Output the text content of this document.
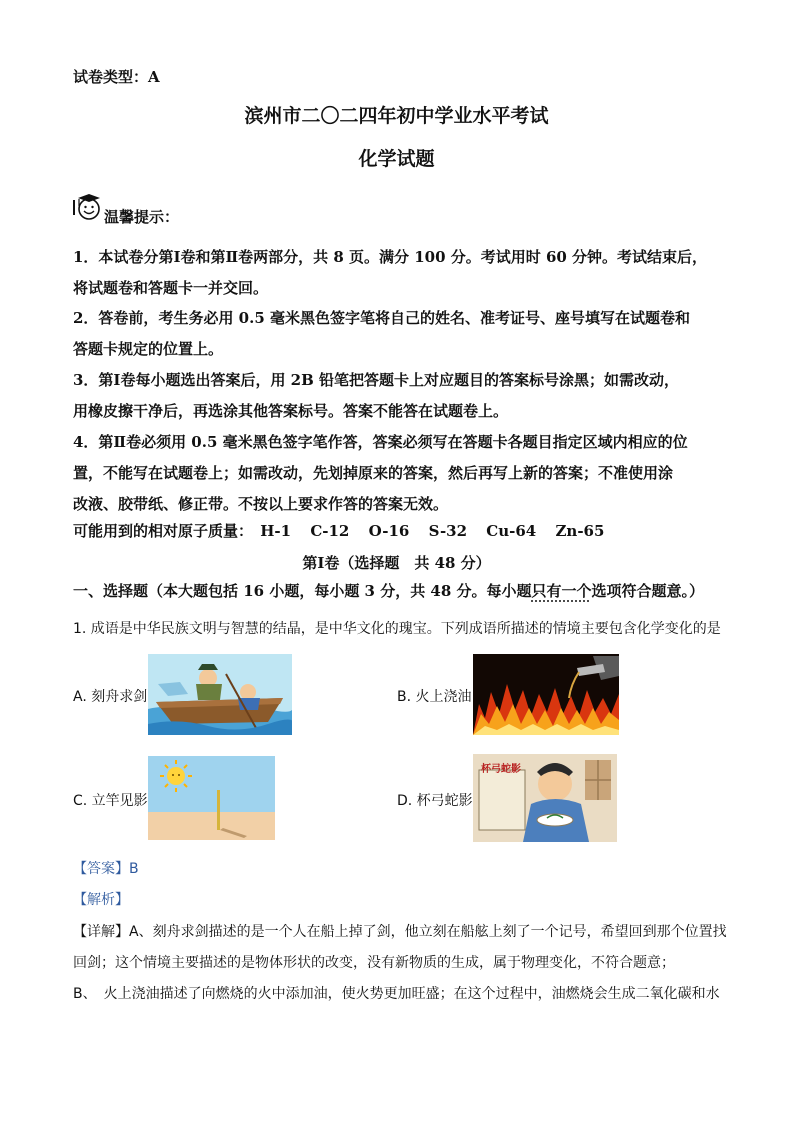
试卷类型：A
滨州市二〇二四年初中学业水平考试
化学试题
温馨提示：
1．本试卷分第Ⅰ卷和第Ⅱ卷两部分，共 8 页。满分 100 分。考试用时 60 分钟。考试结束后，
将试题卷和答题卡一并交回。
2．答卷前，考生务必用 0.5 毫米黑色签字笔将自己的姓名、准考证号、座号填写在试题卷和
答题卡规定的位置上。
3．第Ⅰ卷每小题选出答案后，用 2B 铅笔把答题卡上对应题目的答案标号涂黑；如需改动，
用橡皮擦干净后，再选涂其他答案标号。答案不能答在试题卷上。
4．第Ⅱ卷必须用 0.5 毫米黑色签字笔作答，答案必须写在答题卡各题目指定区域内相应的位
置，不能写在试题卷上；如需改动，先划掉原来的答案，然后再写上新的答案；不准使用涂
改液、胶带纸、修正带。不按以上要求作答的答案无效。
可能用到的相对原子质量： H-1 C-12 O-16 S-32 Cu-64 Zn-65
第Ⅰ卷（选择题　共 48 分）
一、选择题（本大题包括 16 小题，每小题 3 分，共 48 分。每小题只有一个选项符合题意。）
1. 成语是中华民族文明与智慧的结晶，是中华文化的瑰宝。下列成语所描述的情境主要包含化学变化的是
A. 刻舟求剑	B. 火上浇油
C. 立竿见影	D. 杯弓蛇影
杯弓蛇影
【答案】B
【解析】
【详解】A、刻舟求剑描述的是一个人在船上掉了剑，他立刻在船舷上刻了一个记号，希望回到那个位置找
回剑；这个情境主要描述的是物体形状的改变，没有新物质的生成，属于物理变化，不符合题意；
B、　火上浇油描述了向燃烧的火中添加油，使火势更加旺盛；在这个过程中，油燃烧会生成二氧化碳和水
